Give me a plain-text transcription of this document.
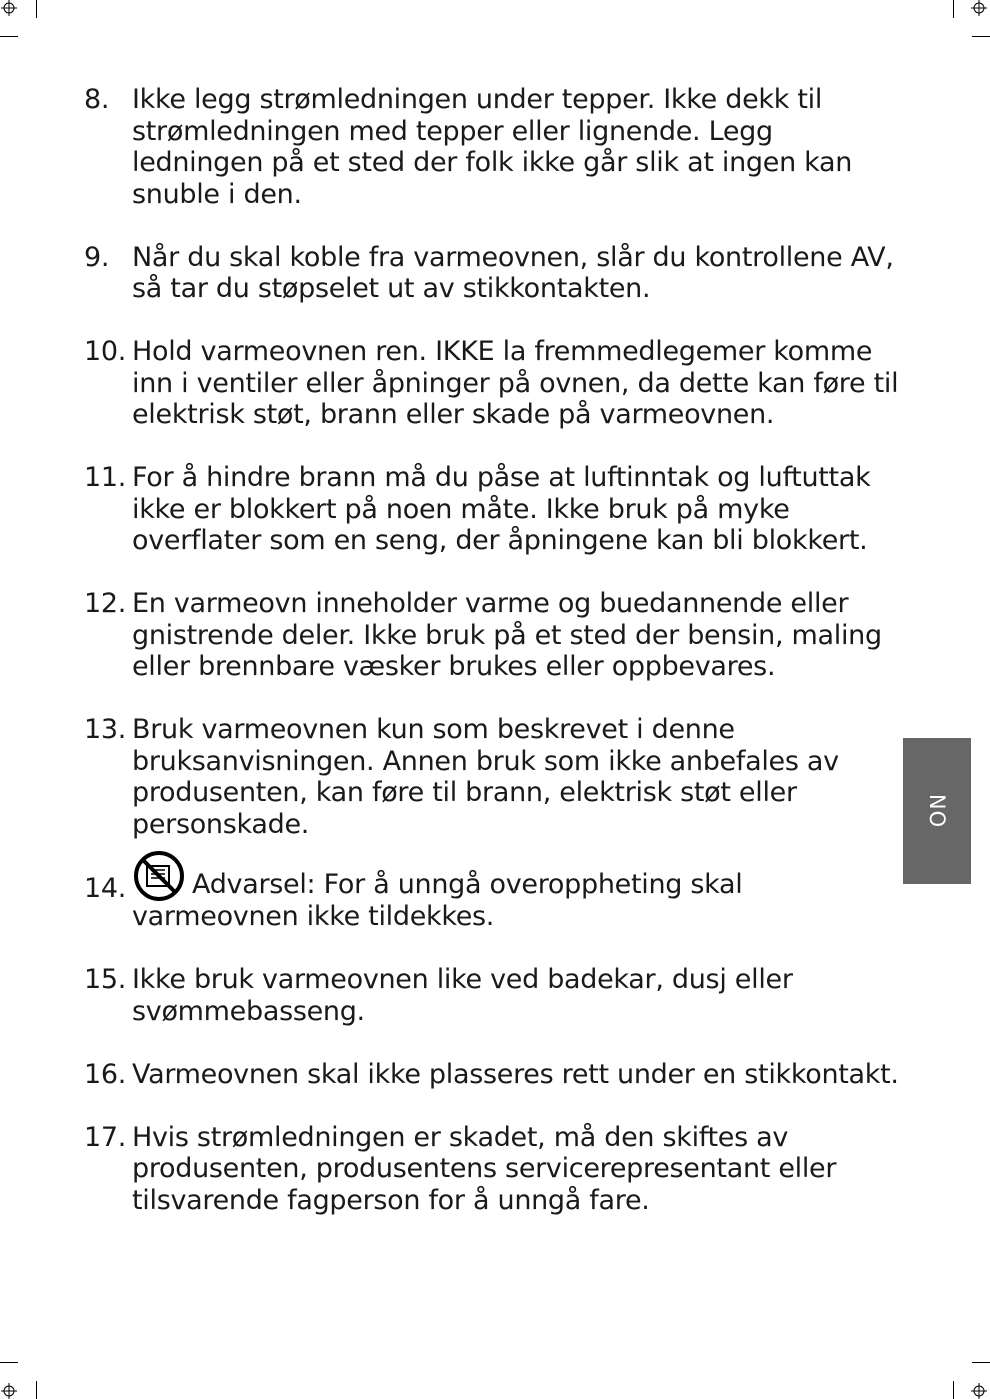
8. Ikke legg strømledningen under tepper. Ikke dekk til strømledningen med tepper eller lignende. Legg ledningen på et sted der folk ikke går slik at ingen kan snuble i den.
9. Når du skal koble fra varmeovnen, slår du kontrollene AV, så tar du støpselet ut av stikkontakten.
10. Hold varmeovnen ren. IKKE la fremmedlegemer komme inn i ventiler eller åpninger på ovnen, da dette kan føre til elektrisk støt, brann eller skade på varmeovnen.
11. For å hindre brann må du påse at luftinntak og luftuttak ikke er blokkert på noen måte. Ikke bruk på myke overflater som en seng, der åpningene kan bli blokkert.
12. En varmeovn inneholder varme og buedannende eller gnistrende deler. Ikke bruk på et sted der bensin, maling eller brennbare væsker brukes eller oppbevares.
13. Bruk varmeovnen kun som beskrevet i denne bruksanvisningen. Annen bruk som ikke anbefales av produsenten, kan føre til brann, elektrisk støt eller personskade.
14. Advarsel: For å unngå overoppheting skal varmeovnen ikke tildekkes.
15. Ikke bruk varmeovnen like ved badekar, dusj eller svømmebasseng.
16. Varmeovnen skal ikke plasseres rett under en stikkontakt.
17. Hvis strømledningen er skadet, må den skiftes av produsenten, produsentens servicerepresentant eller tilsvarende fagperson for å unngå fare.
NO
